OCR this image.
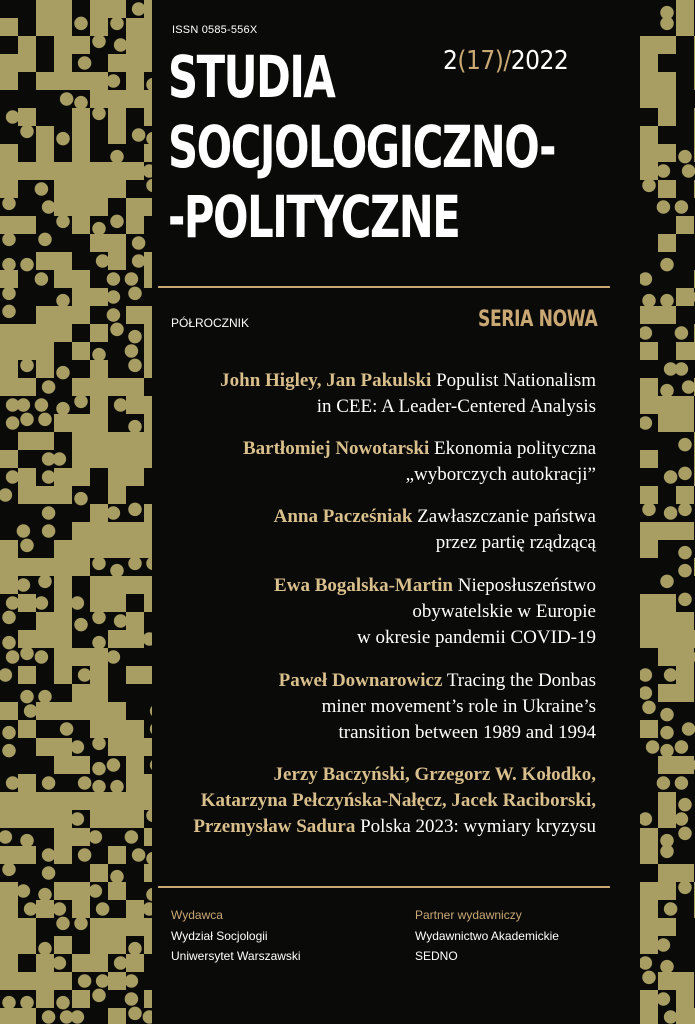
ISSN 0585-556X
2(17)/2022
STUDIA
SOCJOLOGICZNO-
-POLITYCZNE
PÓŁROCZNIK	SERIA NOWA
John Higley, Jan Pakulski Populist Nationalism
in CEE: A Leader-Centered Analysis
Bartłomiej Nowotarski Ekonomia polityczna
„wyborczych autokracji”
Anna Pacześniak Zawłaszczanie państwa
przez partię rządzącą
Ewa Bogalska-Martin Nieposłuszeństwo
obywatelskie w Europie
w okresie pandemii COVID-19
Paweł Downarowicz Tracing the Donbas
miner movement’s role in Ukraine’s
transition between 1989 and 1994
Jerzy Baczyński, Grzegorz W. Kołodko,
Katarzyna Pełczyńska-Nałęcz, Jacek Raciborski,
Przemysław Sadura Polska 2023: wymiary kryzysu
Wydawca
Wydział Socjologii
Uniwersytet Warszawski
Partner wydawniczy
Wydawnictwo Akademickie
SEDNO
